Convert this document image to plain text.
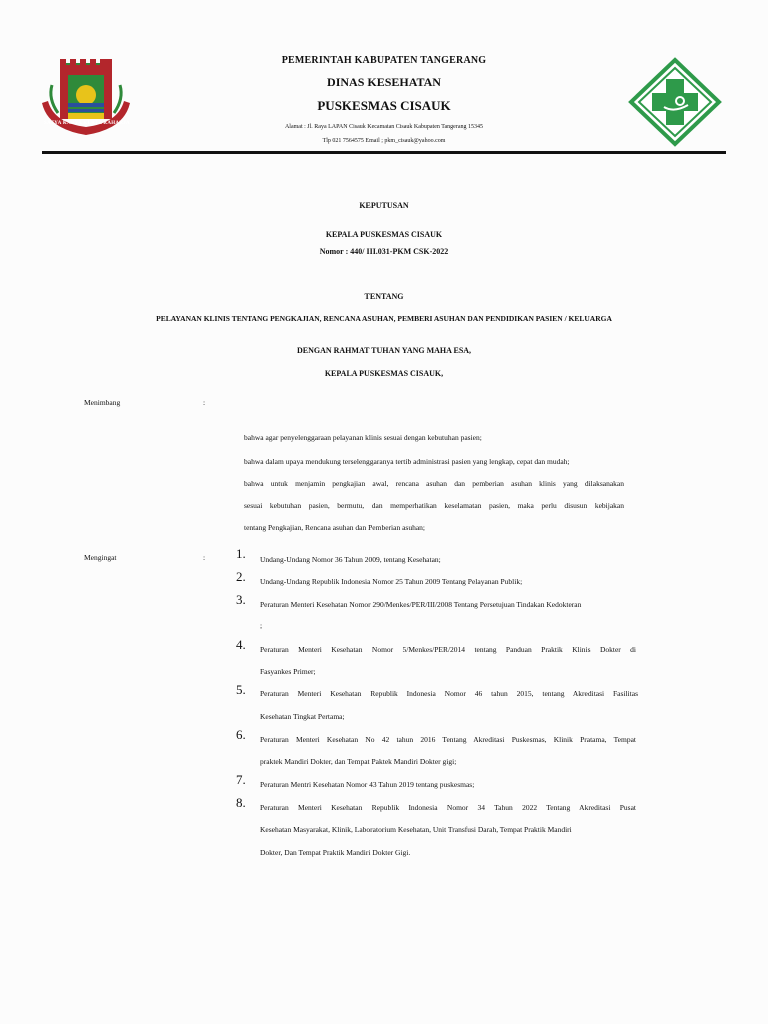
SATYA KARYA KERTA RAHARJA
PEMERINTAH KABUPATEN TANGERANG
DINAS KESEHATAN
PUSKESMAS CISAUK
Alamat : Jl. Raya LAPAN Cisauk Kecamatan Cisauk Kabupaten Tangerang 15345
Tlp 021 7564575 Email ; pkm_cisauk@yahoo.com
KEPUTUSAN
KEPALA PUSKESMAS CISAUK
Nomor : 440/ III.031-PKM CSK-2022
TENTANG
PELAYANAN KLINIS TENTANG PENGKAJIAN, RENCANA ASUHAN, PEMBERI ASUHAN DAN PENDIDIKAN PASIEN / KELUARGA
DENGAN RAHMAT TUHAN YANG MAHA ESA,
KEPALA PUSKESMAS CISAUK,
Menimbang	:
bahwa agar penyelenggaraan pelayanan klinis sesuai dengan kebutuhan pasien;
bahwa dalam upaya mendukung terselenggaranya tertib administrasi pasien yang lengkap, cepat dan mudah;
bahwa untuk menjamin pengkajian awal, rencana asuhan dan pemberian asuhan klinis yang dilaksanakan
sesuai kebutuhan pasien, bermutu, dan memperhatikan keselamatan pasien, maka perlu disusun kebijakan
tentang Pengkajian, Rencana asuhan dan Pemberian asuhan;
Mengingat	: 1. Undang-Undang Nomor 36 Tahun 2009, tentang Kesehatan;
2. Undang-Undang Republik Indonesia Nomor 25 Tahun 2009 Tentang Pelayanan Publik;
3. Peraturan Menteri Kesehatan Nomor 290/Menkes/PER/III/2008 Tentang Persetujuan Tindakan Kedokteran
;
4. Peraturan Menteri Kesehatan Nomor 5/Menkes/PER/2014 tentang Panduan Praktik Klinis Dokter di
Fasyankes Primer;
5. Peraturan Menteri Kesehatan Republik Indonesia Nomor 46 tahun 2015, tentang Akreditasi Fasilitas
Kesehatan Tingkat Pertama;
6. Peraturan Menteri Kesehatan No 42 tahun 2016 Tentang Akreditasi Puskesmas, Klinik Pratama, Tempat
praktek Mandiri Dokter, dan Tempat Paktek Mandiri Dokter gigi;
7. Peraturan Mentri Kesehatan Nomor 43 Tahun 2019 tentang puskesmas;
8. Peraturan Menteri Kesehatan Republik Indonesia Nomor 34 Tahun 2022 Tentang Akreditasi Pusat
Kesehatan Masyarakat, Klinik, Laboratorium Kesehatan, Unit Transfusi Darah, Tempat Praktik Mandiri
Dokter, Dan Tempat Praktik Mandiri Dokter Gigi.
